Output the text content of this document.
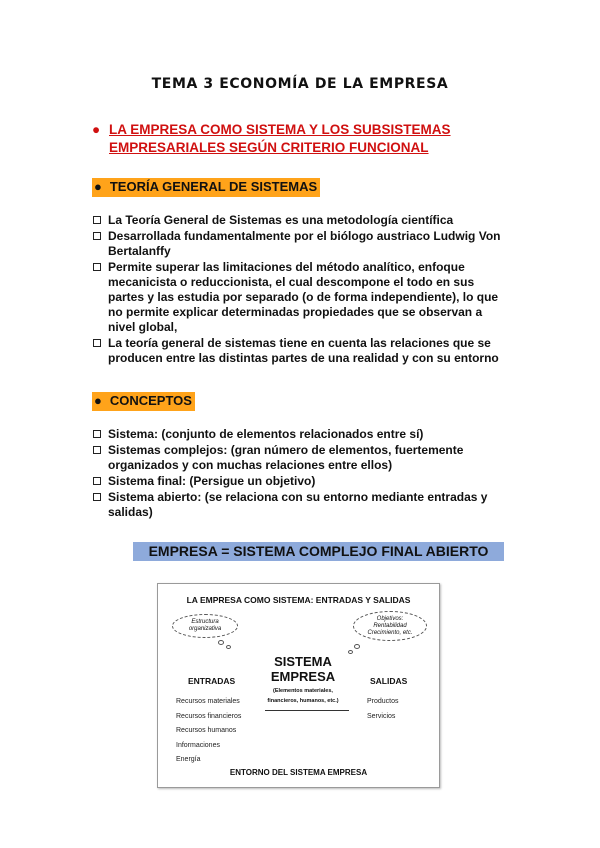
TEMA 3 ECONOMÍA DE LA EMPRESA
● LA EMPRESA COMO SISTEMA Y LOS SUBSISTEMAS
EMPRESARIALES SEGÚN CRITERIO FUNCIONAL
● TEORÍA GENERAL DE SISTEMAS
La Teoría General de Sistemas es una metodología científica
Desarrollada fundamentalmente por el biólogo austriaco Ludwig Von Bertalanffy
Permite superar las limitaciones del método analítico, enfoque mecanicista o reduccionista, el cual descompone el todo en sus partes y las estudia por separado (o de forma independiente), lo que no permite explicar determinadas propiedades que se observan a nivel global,
La teoría general de sistemas tiene en cuenta las relaciones que se producen entre las distintas partes de una realidad y con su entorno
● CONCEPTOS
Sistema: (conjunto de elementos relacionados entre sí)
Sistemas complejos: (gran número de elementos, fuertemente organizados y con muchas relaciones entre ellos)
Sistema final: (Persigue un objetivo)
Sistema abierto: (se relaciona con su entorno mediante entradas y salidas)
EMPRESA = SISTEMA COMPLEJO FINAL ABIERTO
LA EMPRESA COMO SISTEMA: ENTRADAS Y SALIDAS
Estructura
organizativa
Objetivos:
Rentabilidad
Crecimiento, etc.
ENTRADAS	SALIDAS
SISTEMA
EMPRESA
(Elementos materiales,
financieros, humanos, etc.)
Recursos materiales
Recursos financieros
Recursos humanos
Informaciones
Energía
Productos
Servicios
ENTORNO DEL SISTEMA EMPRESA
